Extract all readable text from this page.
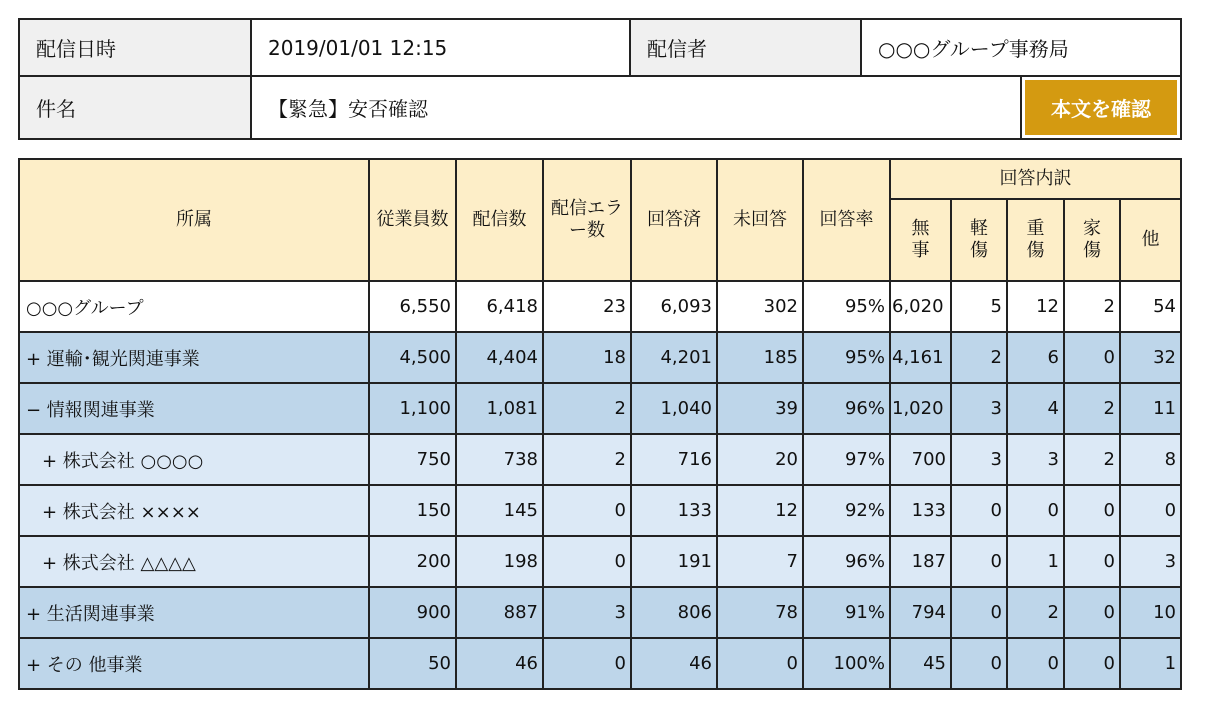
配信日時	2019/01/01 12:15	配信者	○○○グループ事務局	
件名	【緊急】安否確認			本文を確認
所属	従業員数	配信数	配信エラー数	回答済	未回答	回答率	回答内訳				
							無事	軽傷	重傷	家傷	他
○○○グループ	6,550	6,418	23	6,093	302	95%	6,020	5	12	2	54
+ 運輸･観光関連事業	4,500	4,404	18	4,201	185	95%	4,161	2	6	0	32
− 情報関連事業	1,100	1,081	2	1,040	39	96%	1,020	3	4	2	11
+ 株式会社 ○○○○	750	738	2	716	20	97%	700	3	3	2	8
+ 株式会社 ××××	150	145	0	133	12	92%	133	0	0	0	0
+ 株式会社 △△△△	200	198	0	191	7	96%	187	0	1	0	3
+ 生活関連事業	900	887	3	806	78	91%	794	0	2	0	10
+ その 他事業	50	46	0	46	0	100%	45	0	0	0	1
